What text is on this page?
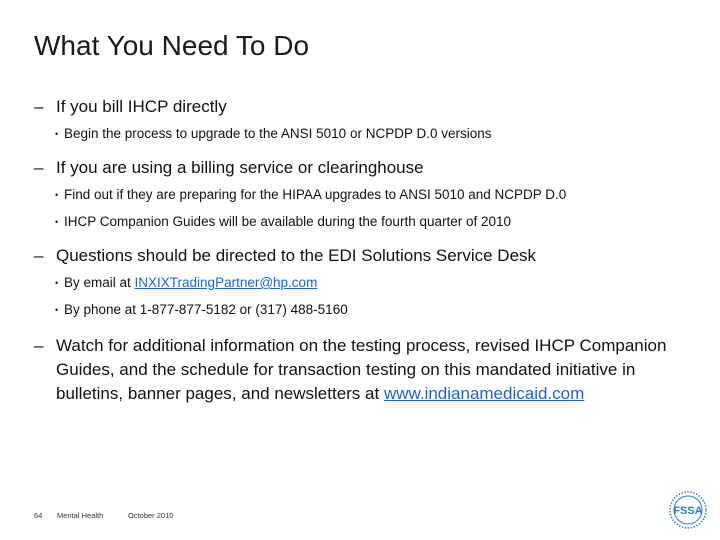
What You Need To Do
– If you bill IHCP directly
• Begin the process to upgrade to the ANSI 5010 or NCPDP D.0 versions
– If you are using a billing service or clearinghouse
• Find out if they are preparing for the HIPAA upgrades to ANSI 5010 and NCPDP D.0
• IHCP Companion Guides will be available during the fourth quarter of 2010
– Questions should be directed to the EDI Solutions Service Desk
• By email at INXIXTradingPartner@hp.com
• By phone at 1-877-877-5182 or (317) 488-5160
– Watch for additional information on the testing process, revised IHCP Companion Guides, and the schedule for transaction testing on this mandated initiative in bulletins, banner pages, and newsletters at www.indianamedicaid.com
64 Mental Health	October 2010	FSSA
